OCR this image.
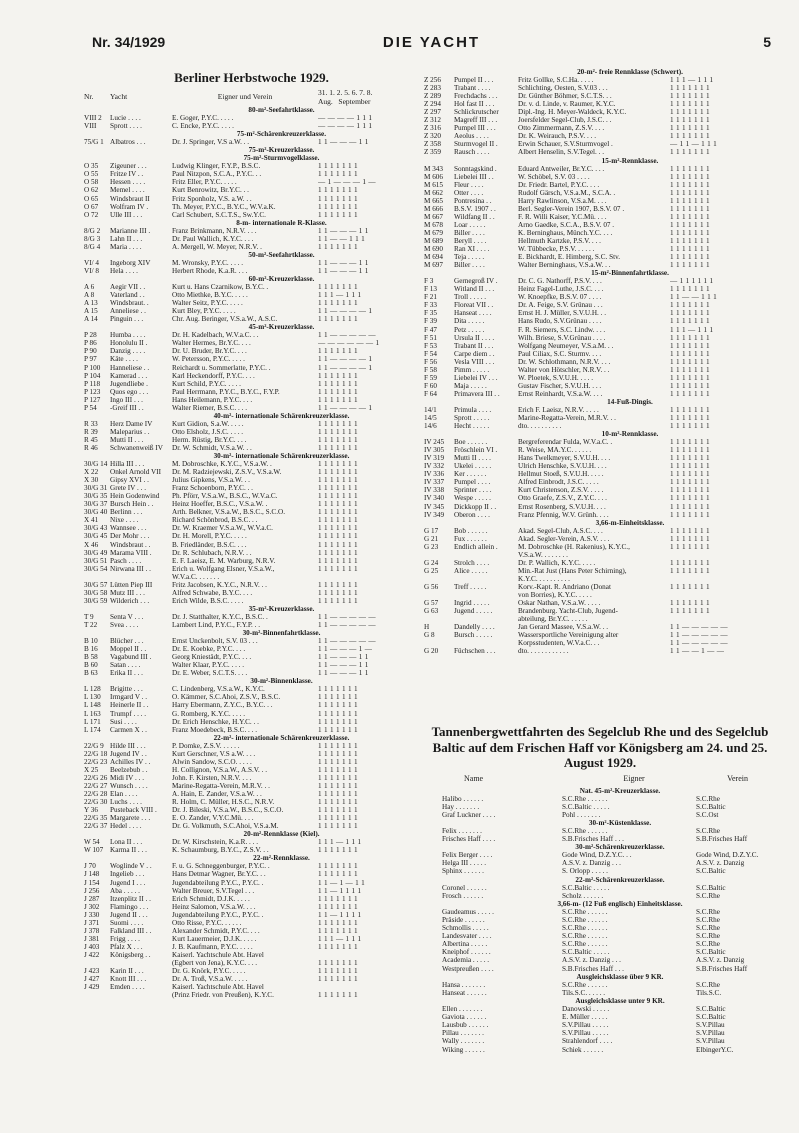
Nr. 34/1929	DIE YACHT	5
Berliner Herbstwoche 1929.
Nr.	Yacht	Eigner und Verein	31. 1. 2. 5. 6. 7. 8.
Aug. September
80-m²-Seefahrtklasse.
VIII 2	Lucie . . . .	E. Goger, P.Y.C. . . . .	— — — — 1 1 1
VIII	Sprott . . . .	C. Encke, P.Y.C. . . . .	— — — — 1 1 1
75-m²-Schärenkreuzerklasse.
75/G 1 Albatros . . .	Dr. J. Springer, V.S a.W. . .	1 1 — — — 1 1
75-m²-Kreuzerklasse.
75-m²-Sturmvogelklasse.
O 35	Zigeuner . . .	Ludwig Klinger, F.Y.P., B.S.C.	1 1 1 1 1 1 1
O 55	Fritze IV . .	Paul Nitzpon, S.C.A., P.Y.C. . .	1 1 1 1 1 1 1
O 58	Hessen . . . .	Fritz Eller, P.Y.C. . . . .	— 1 — — — 1 —
O 62	Memel . . . .	Kurt Benrowitz, Br.Y.C. . .	1 1 1 1 1 1 1
O 65	Windsbraut II	Fritz Sponholz, V.S. a.W. . .	1 1 1 1 1 1 1
O 67	Wolfram IV .	Th. Meyer, P.Y.C., B.Y.C., W.V.a.K.	1 1 1 1 1 1 1
O 72	Ulle III . . .	Carl Schubert, S.C.T.S., Sw.Y.C.	1 1 1 1 1 1 1
8-m- internationale R-Klasse.
8/G 2	Marianne III .	Franz Brinkmann, N.R.V. . . .	1 1 — — — 1 1
8/G 3	Lahn II . . .	Dr. Paul Wallich, K.Y.C. . . .	1 1 — — 1 1 1
8/G 4	Maria . . . .	A. Mergell, W. Meyer, N.R.V. .	1 1 1 1 1 1 1
50-m²-Seefahrtklasse.
VI/ 4	Ingeborg XIV	M. Wronsky, P.Y.C. . . . .	1 1 — — — 1 1
VI/ 8	Hela . . . .	Herbert Rhode, K.a.R. . . .	1 1 — — — 1 1
60-m²-Kreuzerklasse.
A 6	Aegir VII . .	Kurt u. Hans Czarnikow, B.Y.C. .	1 1 1 1 1 1 1
A 8	Vaterland . .	Otto Miethke, B.Y.C. . . . .	1 1 1 — 1 1 1
A 13	Windsbraut. .	Walter Seitz, P.Y.C. . . . .	1 1 1 1 1 1 1
A 15	Anneliese . .	Kurt Bley, P.Y.C. . . . .	1 1 — — — — 1
A 14	Pinguin . . .	Chr. Aug. Beringer, V.S.a.W., A.S.C.	1 1 1 1 1 1 1
45-m²-Kreuzerklasse.
P 28	Humba . . . .	Dr. H. Kadelbach, W.V.a.C. . .	1 1 — — — — —
P 86	Honolulu II .	Walter Hermes, Br.Y.C. . . .	— — — — — — 1
P 90	Danzig . . . .	Dr. U. Bruder, Br.Y.C. . . .	1 1 1 1 1 1 1
P 97	Käte . . . .	W. Petersson, P.Y.C. . . . .	1 1 — — — — 1
P 100	Hanneliese . .	Reichardt u. Sommerlatte, P.Y.C. .	1 1 — — — — 1
P 104	Kamerad . . .	Karl Heckendorff, P.Y.C. . . .	1 1 1 1 1 1 1
P 118	Jugendliebe .	Kurt Schild, P.Y.C. . . . .	1 1 1 1 1 1 1
P 123	Quos ego . . .	Paul Herrmann, P.Y.C., B.Y.C., F.Y.P.	1 1 1 1 1 1 1
P 127	Ingo III . . .	Hans Heilemann, P.Y.C. . . .	1 1 1 1 1 1 1
P 54	-Greif III . .	Walter Riemer, B.S.C. . . .	1 1 — — — — 1
40-m²- internationale Schärenkreuzerklasse.
R 33	Herz Dame IV	Kurt Gidion, S.a.W. . . . .	1 1 1 1 1 1 1
R 39	Maleparius . .	Otto Elsholz, J.S.C. . . . .	1 1 1 1 1 1 1
R 45	Mutti II . . .	Herm. Rüstig, Br.Y.C. . . .	1 1 1 1 1 1 1
R 46	Schwanenweiß IV	Dr. W. Schmidt, V.S.a.W. . .	1 1 1 1 1 1 1
30-m²- internationale Schärenkreuzerklasse.
30/G 14 Hilla III . . .	M. Dobroschke, K.Y.C., V.S.a.W. .	1 1 1 1 1 1 1
X 22	Onkel Arnold VII	Dr. M. Radziejewski, Z.S.V., V.S.a.W.	1 1 1 1 1 1 1
X 30	Gipsy XVI . .	Julius Gipkens, V.S.a.W. . .	1 1 1 1 1 1 1
30/G 31 Grete IV . . .	Franz Schoenborn, P.Y.C. . .	1 1 1 1 1 1 1
30/G 35 Hein Godenwind	Ph. Pförr, V.S.a.W., B.S.C., W.V.a.C.	1 1 1 1 1 1 1
30/G 37 Bursch Hein . .	Heinz Hoeffer, B.S.C., V.S.a.W. .	1 1 1 1 1 1 1
30/G 40 Berlinn . . .	Arth. Belkner, V.S.a.W., B.S.C., S.C.O.	1 1 1 1 1 1 1
X 41	Nixe . . . .	Richard Schönbrod, B.S.C. . .	1 1 1 1 1 1 1
30/G 43 Wannsee . . .	Dr. W. Kraemer V.S.a.W., W.V.a.C.	1 1 1 1 1 1 1
30/G 45 Der Mohr . . .	Dr. H. Morell, P.Y.C. . . . .	1 1 1 1 1 1 1
X 46	Windsbraut . .	B. Friedländer, B.S.C. . . .	1 1 1 1 1 1 1
30/G 49 Marama VIII .	Dr. R. Schlubach, N.R.V. . .	1 1 1 1 1 1 1
30/G 51 Pasch . . . .	E. F. Laeisz, E. M. Warburg, N.R.V.	1 1 1 1 1 1 1
30/G 54 Nirwana III . .	Erich u. Wolfgang Elsner, V.S.a.W.,	1 1 1 1 1 1 1
W.V.a.C. . . . . . .
30/G 57 Lütten Piep III	Fritz Jacobsen, K.Y.C., N.R.V. . .	1 1 1 1 1 1 1
30/G 58 Mutz III . . .	Alfred Schwabe, B.Y.C. . . .	1 1 1 1 1 1 1
30/G 59 Wilderich . . .	Erich Wilde, B.S.C. . . . .	1 1 1 1 1 1 1
35-m²-Kreuzerklasse.
T 9	Senta V . . .	Dr. J. Statthalter, K.Y.C., B.S.C. .	1 1 — — — — —
T 22	Svea . . . .	Lambert Lind, P.Y.C., F.Y.P. . .	1 1 — — — — —
30-m²-Binnenfahrtklasse.
B 10	Blücher . . .	Ernst Unckenbolt, S.V. 03 . . .	1 1 — — — — —
B 16	Moppel II . .	Dr. E. Koebke, P.Y.C. . . .	1 1 — — — 1 —
B 58	Vagabund III .	Georg Kniestädt, P.Y.C. . . .	1 1 — — — 1 1
B 60	Satan . . . .	Walter Klaar, P.Y.C. . . . .	1 1 — — — 1 1
B 63	Erika II . . .	Dr. E. Weber, S.C.T.S. . . .	1 1 — — — 1 1
30-m²-Binnenklasse.
L 128	Brigitte . . .	C. Lindenberg, V.S.a.W., K.Y.C.	1 1 1 1 1 1 1
L 130	Irmgard V . .	O. Kämmer, S.C.Ahoi, Z.S.V., B.S.C.	1 1 1 1 1 1 1
L 148	Heinerle II . .	Harry Ebermann, Z.Y.C., B.Y.C. . .	1 1 1 1 1 1 1
L 163	Trumpf . . . .	G. Romberg, K.Y.C. . . . .	1 1 1 1 1 1 1
L 171	Susi . . . .	Dr. Erich Henschke, H.Y.C. . .	1 1 1 1 1 1 1
L 174	Carmen X . .	Franz Moedebeck, B.S.C. . . .	1 1 1 1 1 1 1
22-m²- internationale Schärenkreuzerklasse.
22/G 9 Hilde III . . .	P. Domke, Z.S.V. . . . . .	1 1 1 1 1 1 1
22/G 18 Jugend IV . .	Kurt Gerschner, V.S a.W. . . .	1 1 1 1 1 1 1
22/G 23 Achilles IV . .	Alwin Sandow, S.C.O. . . . .	1 1 1 1 1 1 1
X 25	Beelzebub . .	H. Collignon, V.S.a.W., A.S.V. . .	1 1 1 1 1 1 1
22/G 26 Midi IV . . .	John. F. Kirsten, N.R.V. . . .	1 1 1 1 1 1 1
22/G 27 Wunsch . . . .	Marine-Regatta-Verein, M.R.V. . .	1 1 1 1 1 1 1
22/G 28 Elan . . . .	A. Hain, E. Zander, V.S.a.W. . .	1 1 1 1 1 1 1
22/G 30 Luchs . . . .	R. Holm, C. Müller, H.S.C., N.R.V.	1 1 1 1 1 1 1
Y 36	Pusteback VIII .	Dr. J. Bileski, V.S.a.W., B.S.C., S.C.O.	1 1 1 1 1 1 1
22/G 35 Margarete . . .	E. O. Zander, V.Y.C.Mü. . . .	1 1 1 1 1 1 1
22/G 37 Hedel . . . .	Dr. G. Volkmuth, S.C.Ahoi, V.S.a.M.	1 1 1 1 1 1 1
20-m²-Rennklasse (Kiel).
W 54	Lona II . . .	Dr. W. Kirschstein, K.a.R. . . .	1 1 1 — 1 1 1
W 107 Karma II . . .	K. Schaumburg, B.Y.C., Z.S.V. . .	1 1 1 1 1 1 1
22-m²-Rennklasse.
J 70	Woglinde V . .	F. u. G. Schneggenburger, P.Y.C. .	1 1 1 1 1 1 1
J 148	Ingelieb . . .	Hans Detmar Wagner, Br.Y.C. . .	1 1 1 1 1 1 1
J 154	Jugend I . . .	Jugendabteilung P.Y.C., P.Y.C. .	1 1 — 1 — 1 1
J 256	Aba . . . . .	Walter Breuer, S.V.Tegel . . .	1 1 — 1 1 1 1
J 287	Itzenplitz II . .	Erich Schmidt, D.J.K. . . . .	1 1 1 1 1 1 1
J 302	Flamingo . . .	Heinz Salomon, V.S.a.W. . . .	1 1 1 1 1 1 1
J 330	Jugend II . . .	Jugendabteilung P.Y.C., P.Y.C. .	1 1 — 1 1 1 1
J 371	Suomi . . . .	Otto Risse, P.Y.C. . . . . .	1 1 1 1 1 1 1
J 378	Falkland III . .	Alexander Schmidt, P.Y.C. . . .	1 1 1 1 1 1 1
J 381	Frigg . . . .	Kurt Lauermeier, D.J.K. . . . .	1 1 1 — 1 1 1
J 403	Pfalz X . . .	J. B. Kaufmann, P.Y.C. . . . .	1 1 1 1 1 1 1
J 422	Königsberg . .	Kaiserl. Yachtschule Abt. Havel
(Egbert von Jena), K.Y.C. . . .	1 1 1 1 1 1 1
J 423	Karin II . . .	Dr. G. Knörk, P.Y.C. . . . .	1 1 1 1 1 1 1
J 427	Knott III . . .	Dr. A. Troß, V.S.a.W. . . . .	1 1 1 1 1 1 1
J 429	Emden . . . .	Kaiserl. Yachtschule Abt. Havel
(Prinz Friedr. von Preußen), K.Y.C.	1 1 1 1 1 1 1
20-m²- freie Rennklasse (Schwert).
Z 256	Pumpel II . . .	Fritz Gollke, S.C.Ha. . . . .	1 1 1 — 1 1 1
Z 283	Trabant . . . .	Schlichting, Oesten, S.V.03 . . .	1 1 1 1 1 1 1
Z 289	Frechdachs . . .	Dr. Günther Böhmer, S.C.T.S. . .	1 1 1 1 1 1 1
Z 294	Hol fast II . . .	Dr. v. d. Linde, v. Raumer, K.Y.C.	1 1 1 1 1 1 1
Z 297	Schlickrutscher	Dipl.-Ing. H. Meyer-Waldeck, K.Y.C.	1 1 1 1 1 1 1
Z 312	Magreff III . . .	Joersfelder Segel-Club, J.S.C. . .	1 1 1 1 1 1 1
Z 316	Pumpel III . . .	Otto Zimmermann, Z.S.V. . . .	1 1 1 1 1 1 1
Z 320	Aeolus . . . .	Dr. K. Weirauch, P.S.V. . . .	1 1 1 1 1 1 1
Z 358	Sturmvogel II .	Erwin Schauer, S.V.Sturmvogel .	— 1 1 — 1 1 1
Z 359	Rausch . . . .	Albert Henselin, S.V.Tegel. . .	1 1 1 1 1 1 1
15-m²-Rennklasse.
M 343	Sonntagskind .	Eduard Antweiler, Br.Y.C. . . .	1 1 1 1 1 1 1
M 606	Liebelei III . .	W. Schöbel, S.V. 03 . . . .	1 1 1 1 1 1 1
M 615	Fleur . . . .	Dr. Friedr. Bartel, P.Y.C. . . .	1 1 1 1 1 1 1
M 662	Otter . . . .	Rudolf Gärsch, V.S.a.M., S.C.A. .	1 1 1 1 1 1 1
M 665	Pontresina . .	Harry Rawlinson, V.S.a.M. . . .	1 1 1 1 1 1 1
M 666	B.S.V. 1907 . .	Berl. Segler-Verein 1907, B.S.V. 07 .	1 1 1 1 1 1 1
M 667	Wildfang II . .	F. R. Willi Kaiser, Y.C.Mü. . . .	1 1 1 1 1 1 1
M 678	Loar . . . . .	Arno Gaedke, S.C.A., B.S.V. 07 .	1 1 1 1 1 1 1
M 679	Biller . . . .	K. Berninghaus, Münch.Y.C. . . .	1 1 1 1 1 1 1
M 689	Beryll . . . .	Hellmuth Kartzke, P.S.V. . . .	1 1 1 1 1 1 1
M 690	Ran XI . . . .	W. Tübbecke, P.S.V. . . . . .	1 1 1 1 1 1 1
M 694	Teja . . . . .	E. Bickhardt, E. Himberg, S.C. Stv.	1 1 1 1 1 1 1
M 697	Biller . . . .	Walter Berninghaus, V.S.a.W. . .	1 1 1 1 1 1 1
15-m²-Binnenfahrtklasse.
F 3	Gernegroß IV .	Dr. C. G. Nathorff, P.S.V. . . .	— 1 1 1 1 1 1
F 13	Witland II . . .	Heinz Fagel-Luthe, J.S.C. . . .	1 1 1 1 1 1 1
F 21	Troll . . . . .	W. Knoepfke, B.S.V. 07 . . . .	1 1 — — 1 1 1
F 33	Floreat VII . .	Dr. A. Feige, S.V. Grünau . . .	1 1 1 1 1 1 1
F 35	Hanseat . . . .	Ernst H. J. Müller, S.V.U.H. . .	1 1 1 1 1 1 1
F 39	Dita . . . . .	Hans Rudo, S.V.Grünau . . . .	1 1 1 1 1 1 1
F 47	Petz . . . . .	F. R. Siemers, S.C. Lindw. . . .	1 1 1 — 1 1 1
F 51	Ursula II . . . .	Wilh. Briese, S.V.Grünau . . . .	1 1 1 1 1 1 1
F 53	Trabant II . . .	Wolfgang Neumeyer, V.S.a.M. . .	1 1 1 1 1 1 1
F 54	Carpe diem . .	Paul Ciliax, S.C. Sturmv. . . .	1 1 1 1 1 1 1
F 56	Vesla VIII . . .	Dr. W. Schlothmann, N.R.V. . . .	1 1 1 1 1 1 1
F 58	Pimm . . . . .	Walter von Hötschler, N.R.V. . .	1 1 1 1 1 1 1
F 59	Liebelei IV . . .	W. Ploetek, S.V.U.H. . . . .	1 1 1 1 1 1 1
F 60	Maja . . . . .	Gustav Fischer, S.V.U.H. . . .	1 1 1 1 1 1 1
F 64	Primavera III . .	Ernst Reinhardt, V.S.a.W. . . .	1 1 1 1 1 1 1
14-Fuß-Dingis.
14/1	Primula . . . .	Erich F. Laeisz, N.R.V. . . . .	1 1 1 1 1 1 1
14/5	Sprott . . . . .	Marine-Regatta-Verein, M.R.V. . .	1 1 1 1 1 1 1
14/6	Hecht . . . . .	dto. . . . . . . . . .	1 1 1 1 1 1 1
10-m²-Rennklasse.
IV 245	Boe . . . . . .	Bergreferendar Fulda, W.V.a.C. .	1 1 1 1 1 1 1
IV 305	Fröschlein VI .	R. Weise, MA.Y.C. . . . . .	1 1 1 1 1 1 1
IV 319	Mutti II . . . .	Hans Twelkmeyer, S.V.U.H. . . .	1 1 1 1 1 1 1
IV 332	Ukelei . . . . .	Ulrich Henschke, S.V.U.H. . . .	1 1 1 1 1 1 1
IV 336	Ker . . . . . .	Hellmut Stoeß, S.V.U.H. . . . .	1 1 1 1 1 1 1
IV 337	Pumpel . . . .	Alfred Einbrodt, J.S.C. . . . .	1 1 1 1 1 1 1
IV 338	Sprinter . . . .	Kurt Christenson, Z.S.V. . . . .	1 1 1 1 1 1 1
IV 340	Wespe . . . . .	Otto Graefe, Z.S.V., Z.Y.C. . . .	1 1 1 1 1 1 1
IV 345	Dickkopp II . .	Ernst Rosenberg, S.V.U.H. . . .	1 1 1 1 1 1 1
IV 349	Oberon . . . .	Franz Pfennig, W.V. Grünh. . . .	1 1 1 1 1 1 1
3,66-m-Einheitsklasse.
G 17	Bob . . . . . .	Akad. Segel-Club, A.S.C. . . .	1 1 1 1 1 1 1
G 21	Fux . . . . . .	Akad. Segler-Verein, A.S.V. . . .	1 1 1 1 1 1 1
G 23	Endlich allein .	M. Dobroschke (H. Rakenius), K.Y.C.,	1 1 1 1 1 1 1
V.S.a.W. . . . . . . .
G 24	Strolch . . . .	Dr. P. Wallich, K.Y.C. . . . .	1 1 1 1 1 1 1
G 25	Alice . . . . .	Min.-Rat Just (Hans Peter Schirning),	1 1 1 1 1 1 1
K.Y.C. . . . . . . . . .
G 56	Treff . . . . .	Korv.-Kapt. R. Andriano (Donat	1 1 1 1 1 1 1
von Borries), K.Y.C. . . . .
G 57	Ingrid . . . . .	Oskar Nathan, V.S.a.W. . . . .	1 1 1 1 1 1 1
G 63	Jugend . . . . .	Brandenburg. Yacht-Club, Jugend-	1 1 1 1 1 1 1
abteilung, Br.Y.C. . . . . .
H	Dandelly . . . .	Jan Gerard Massee, V.S.a.W. . .	1 1 — — — — —
G 8	Bursch . . . . .	Wassersportliche Vereinigung alter	1 1 — — — — —
Korpsstudenten, W.V.a.C. . .	1 1 — — — — —
G 20	Füchschen . . .	dto. . . . . . . . . . . .	1 1 — — 1 — —
Tannenbergwettfahrten des Segelclub Rhe und des Segelclub Baltic auf dem Frischen Haff vor Königsberg am 24. und 25. August 1929.
Name	Eigner	Verein
Nat. 45-m²-Kreuzerklasse.
Halibo . . . . . .	S.C.Rhe . . . . . .	S.C.Rhe
Hay . . . . . . .	S.C.Baltic . . . . .	S.C.Baltic
Graf Luckner . . . .	Pohl . . . . . . .	S.C.Ost
30-m²-Küstenklasse.
Felix . . . . . . .	S.C.Rhe . . . . . .	S.C.Rhe
Frisches Haff . . . .	S.B.Frisches Haff . . .	S.B.Frisches Haff
30-m²-Schärenkreuzerklasse.
Felix Berger . . . .	Gode Wind, D.Z.Y.C. . .	Gode Wind, D.Z.Y.C.
Helga III . . . . .	A.S.V. z. Danzig . . .	A.S.V. z. Danzig
Sphinx . . . . . .	S. Orlopp . . . . .	S.C.Baltic
22-m²-Schärenkreuzerklasse.
Coronel . . . . . .	S.C.Baltic . . . . .	S.C.Baltic
Frosch . . . . . .	Scholz . . . . . .	S.C.Rhe
3,66-m- (12 Fuß englisch) Einheitsklasse.
Gaudeamus . . . . .	S.C.Rhe . . . . . .	S.C.Rhe
Präside . . . . . .	S.C.Rhe . . . . . .	S.C.Rhe
Schmollis . . . . .	S.C.Rhe . . . . . .	S.C.Rhe
Landesvater . . . .	S.C.Rhe . . . . . .	S.C.Rhe
Albertina . . . . .	S.C.Rhe . . . . . .	S.C.Rhe
Kneiphof . . . . . .	S.C.Baltic . . . . .	S.C.Baltic
Academia . . . . .	A.S.V. z. Danzig . . .	A.S.V. z. Danzig
Westpreußen . . . .	S.B.Frisches Haff . . .	S.B.Frisches Haff
Ausgleichsklasse über 9 KR.
Hansa . . . . . . .	S.C.Rhe . . . . . .	S.C.Rhe
Hanseat . . . . . .	Tils.S.C. . . . . .	Tils.S.C.
Ausgleichsklasse unter 9 KR.
Ellen . . . . . . .	Danowski . . . . .	S.C.Baltic
Gaviota . . . . . .	E. Müller . . . . .	S.C.Baltic
Lausbub . . . . . .	S.V.Pillau . . . . .	S.V.Pillau
Pillau . . . . . . .	S.V.Pillau . . . . .	S.V.Pillau
Wally . . . . . . .	Strahlendorf . . . .	S.V.Pillau
Wiking . . . . . .	Schiek . . . . . .	ElbingerY.C.
